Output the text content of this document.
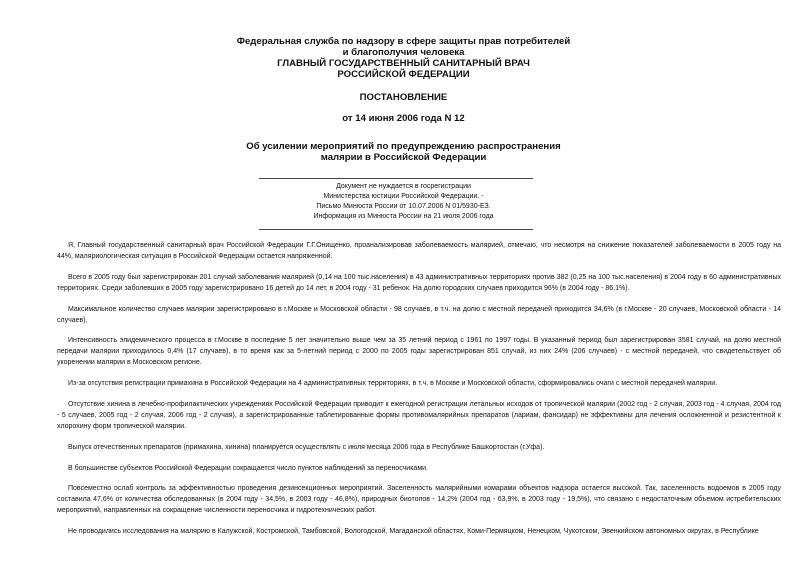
Федеральная служба по надзору в сфере защиты прав потребителей
и благополучия человека
ГЛАВНЫЙ ГОСУДАРСТВЕННЫЙ САНИТАРНЫЙ ВРАЧ
РОССИЙСКОЙ ФЕДЕРАЦИИ
ПОСТАНОВЛЕНИЕ
от 14 июня 2006 года N 12
Об усилении мероприятий по предупреждению распространения
малярии в Российской Федерации
Документ не нуждается в госрегистрации
Министерства юстиции Российской Федерации. -
Письмо Минюста России от 10.07.2006 N 01/5930-ЕЗ.
Информация из Минюста России на 21 июля 2006 года

Я, Главный государственный санитарный врач Российской Федерации Г.Г.Онищенко, проанализировав заболеваемость малярией, отмечаю, что несмотря на снижение показателей заболеваемости в 2005 году на 44%, маляриологическая ситуация в Российской Федерации остается напряженной.

Всего в 2005 году был зарегистрирован 201 случай заболевания малярией (0,14 на 100 тыс.населения) в 43 административных территориях против 382 (0,25 на 100 тыс.населения) в 2004 году в 60 административных территориях. Среди заболевших в 2005 году зарегистрировано 16 детей до 14 лет, в 2004 году - 31 ребенок. На долю городских случаев приходится 96% (в 2004 году - 86,1%).

Максимальное количество случаев малярии зарегистрировано в г.Москве и Московской области - 98 случаев, в т.ч. на долю с местной передачей приходится 34,6% (в г.Москве - 20 случаев, Московской области - 14 случаев).

Интенсивность эпидемического процесса в г.Москве в последние 5 лет значительно выше чем за 35 летний период с 1961 по 1997 годы. В указанный период был зарегистрирован 3581 случай, на долю местной передачи малярии приходилось 0,4% (17 случаев), в то время как за 5-летний период с 2000 по 2005 годы зарегистрирован 851 случай, из них 24% (206 случаев) - с местной передачей, что свидетельствует об укоренении малярии в Московском регионе.

Из-за отсутствия регистрации примахина в Российской Федерации на 4 административных территориях, в т.ч. в Москве и Московской области, сформировались очаги с местной передачей малярии.

Отсутствие хинина в лечебно-профилактических учреждениях Российской Федерации приводит к ежегодной регистрации летальных исходов от тропической малярии (2002 год - 2 случая, 2003 год - 4 случая, 2004 год - 5 случаев, 2005 год - 2 случая, 2006 год - 2 случая), а зарегистрированные таблетированные формы противомалярийных препаратов (лариам, фансидар) не эффективны для лечения осложненной и резистентной к хлорохину форм тропической малярии.

Выпуск отечественных препаратов (примахина, хинина) планируется осуществлять с июля месяца 2006 года в Республике Башкортостан (г.Уфа).

В большинстве субъектов Российской Федерации сокращается число пунктов наблюдений за переносчиками.

Повсеместно ослаб контроль за эффективностью проведения дезинсекционных мероприятий. Заселенность малярийными комарами объектов надзора остается высокой. Так, заселенность водоемов в 2005 году составила 47,6% от количества обследованных (в 2004 году - 34,5%, в 2003 году - 46,8%), природных биотопов - 14,2% (2004 год - 63,9%, в 2003 году - 19,5%), что связано с недостаточным объемом истребительских мероприятий, направленных на сокращение численности переносчика и гидротехнических работ.

Не проводились исследования на малярию в Калужской, Костромской, Тамбовской, Вологодской, Магаданской областях, Коми-Пермяцком, Ненецком, Чукотском, Эвенкийском автономных округах, в Республике
